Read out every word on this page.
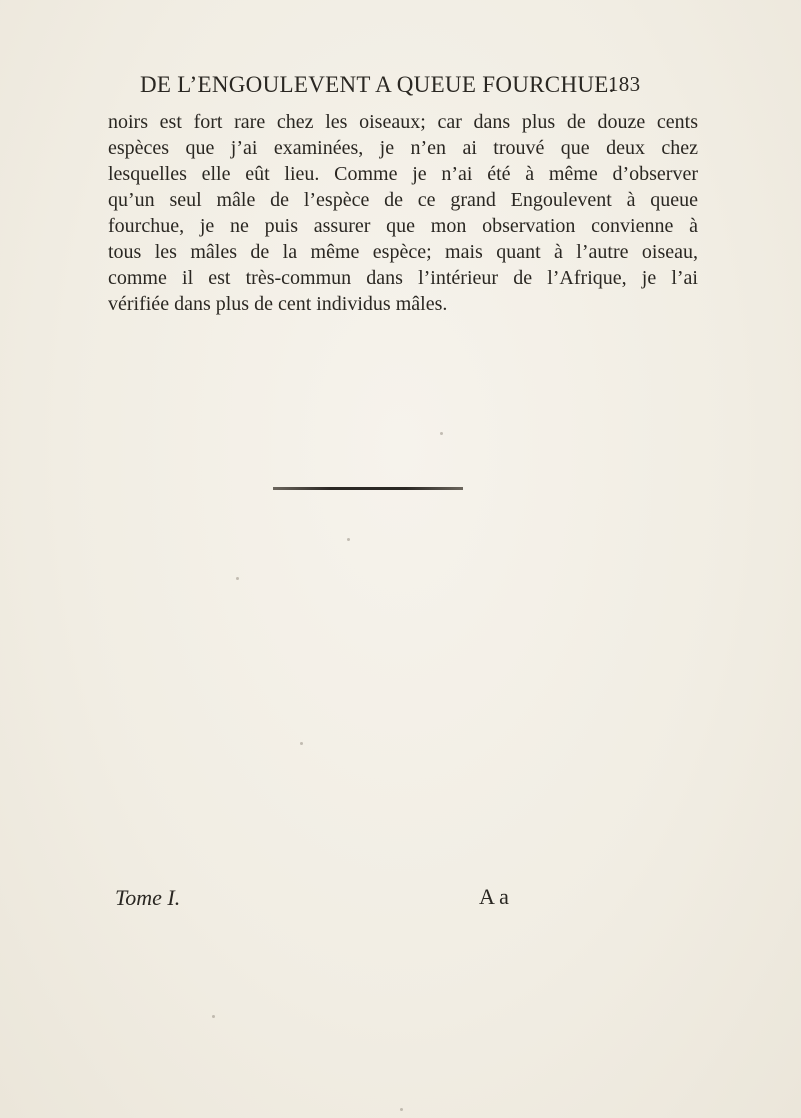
DE L’ENGOULEVENT A QUEUE FOURCHUE.
183
noirs est fort rare chez les oiseaux; car dans plus de douze cents
espèces que j’ai examinées, je n’en ai trouvé que deux chez
lesquelles elle eût lieu. Comme je n’ai été à même d’observer
qu’un seul mâle de l’espèce de ce grand Engoulevent à queue
fourchue, je ne puis assurer que mon observation convienne à
tous les mâles de la même espèce; mais quant à l’autre oiseau,
comme il est très-commun dans l’intérieur de l’Afrique, je l’ai
vérifiée dans plus de cent individus mâles.
Tome I.	A a
